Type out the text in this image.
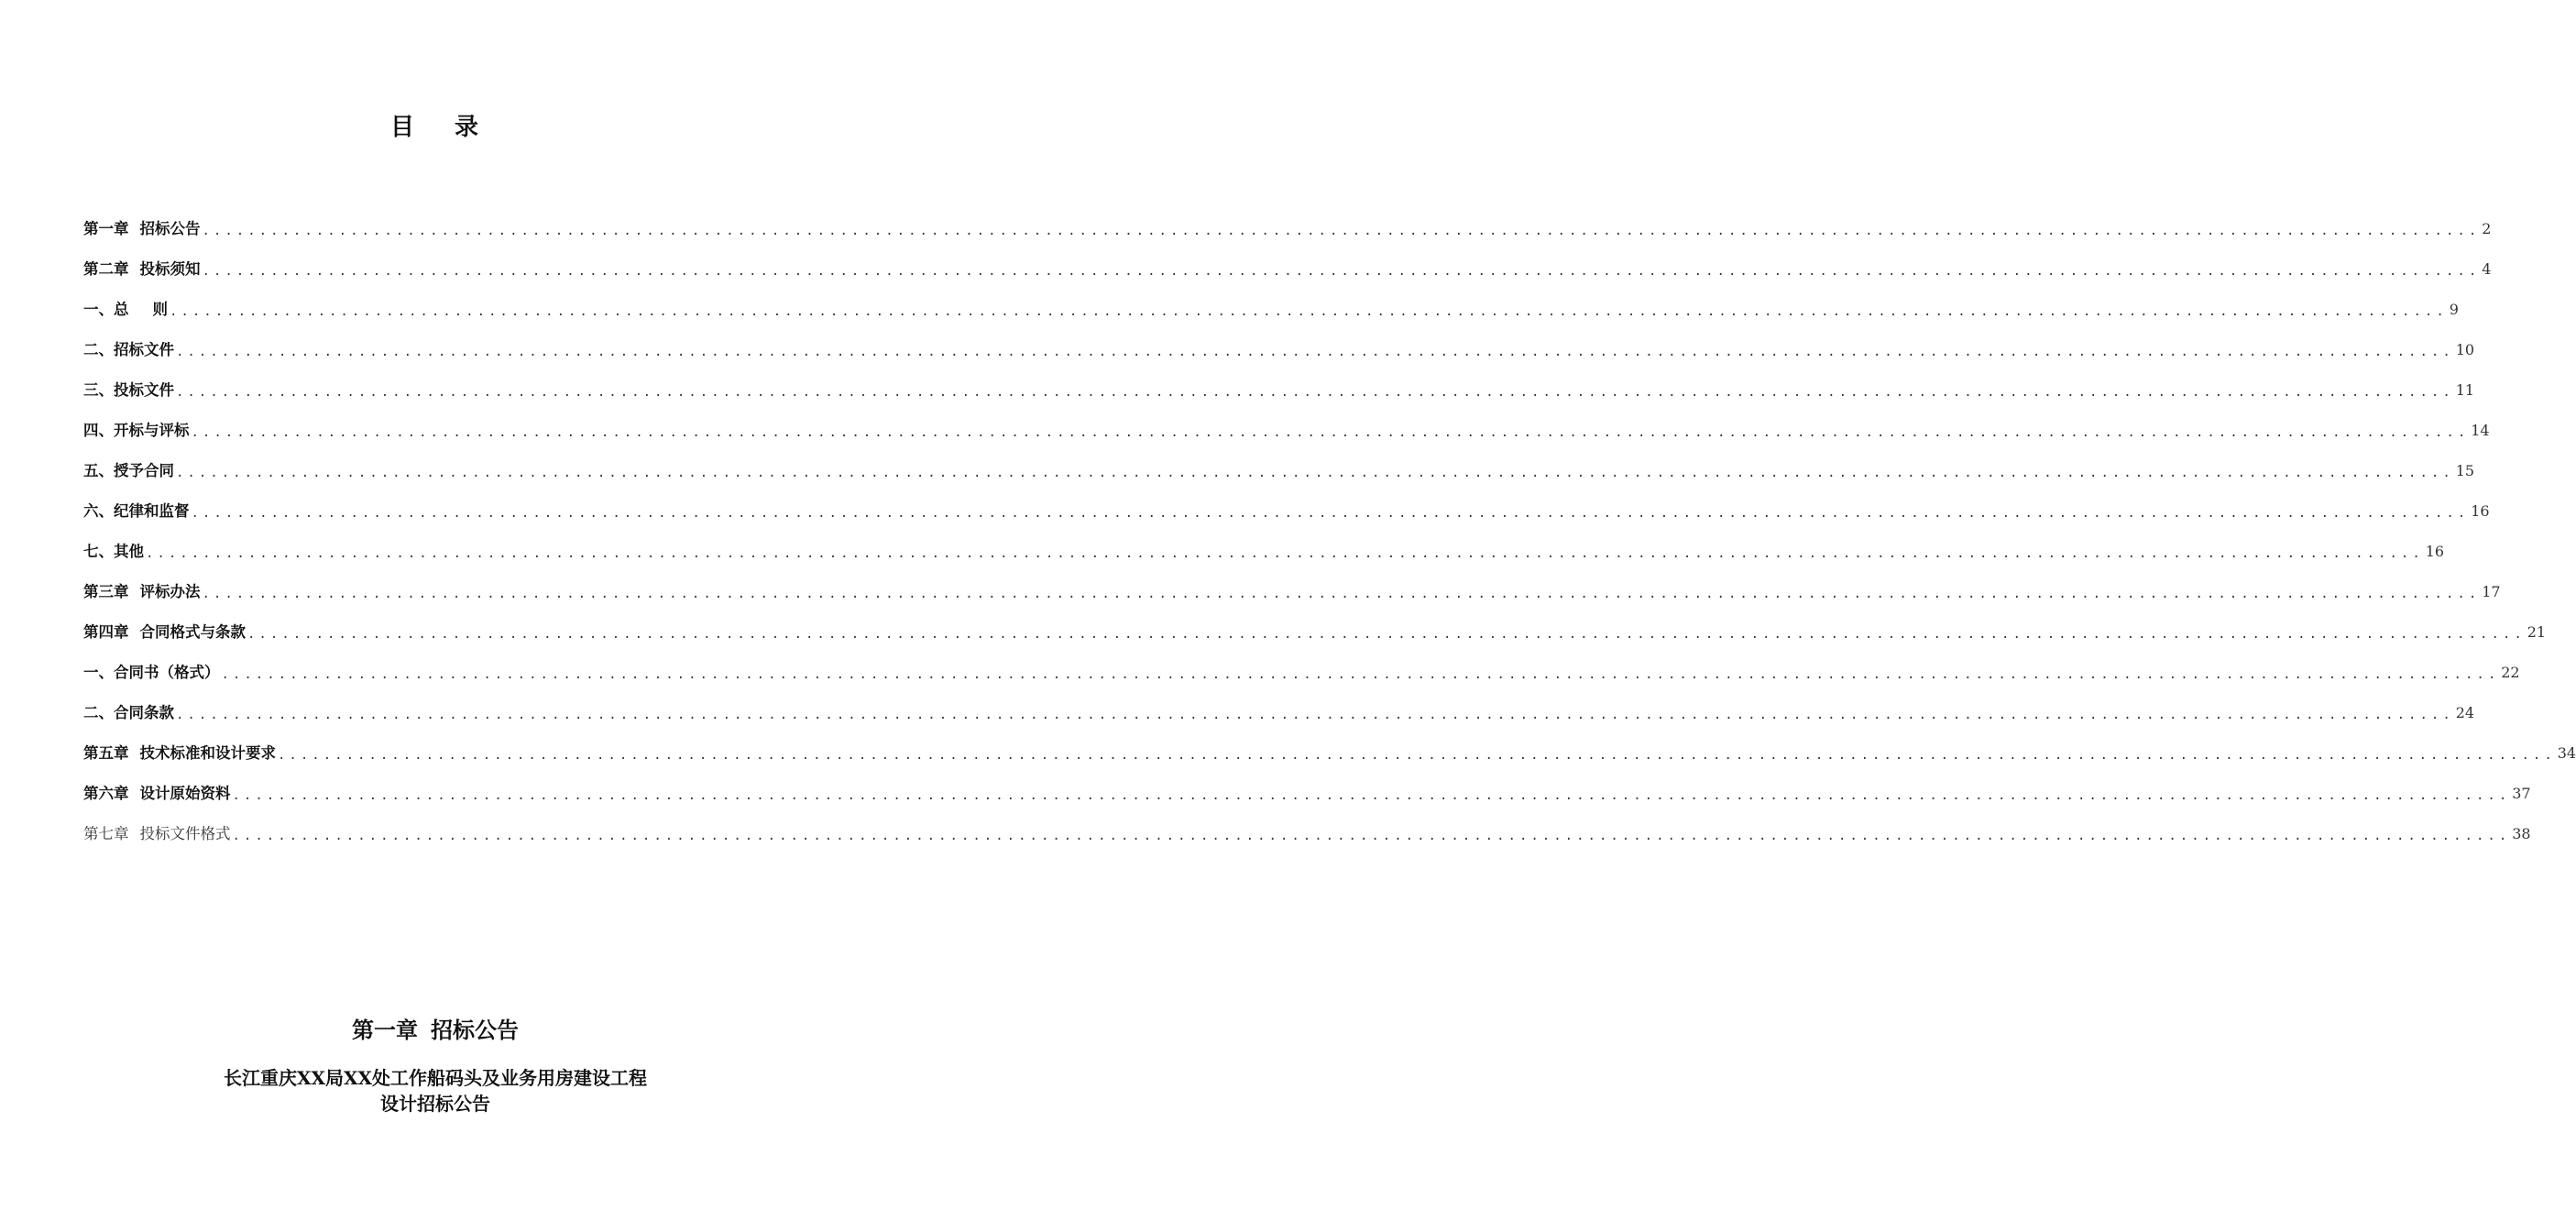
目 录
第一章 招标公告 ........................................................................................................................................................................................................ 2
第二章 投标须知 ........................................................................................................................................................................................................ 4
一、总 则 ........................................................................................................................................................................................................ 9
二、招标文件 ........................................................................................................................................................................................................ 10
三、投标文件 ........................................................................................................................................................................................................ 11
四、开标与评标 ........................................................................................................................................................................................................ 14
五、授予合同 ........................................................................................................................................................................................................ 15
六、纪律和监督 ........................................................................................................................................................................................................ 16
七、其他 ........................................................................................................................................................................................................ 16
第三章 评标办法 ........................................................................................................................................................................................................ 17
第四章 合同格式与条款 ........................................................................................................................................................................................................ 21
一、合同书（格式） ........................................................................................................................................................................................................ 22
二、合同条款 ........................................................................................................................................................................................................ 24
第五章 技术标准和设计要求 ........................................................................................................................................................................................................ 34
第六章 设计原始资料 ........................................................................................................................................................................................................ 37
第七章 投标文件格式 ........................................................................................................................................................................................................ 38
第一章 招标公告
长江重庆XX局XX处工作船码头及业务用房建设工程
设计招标公告
